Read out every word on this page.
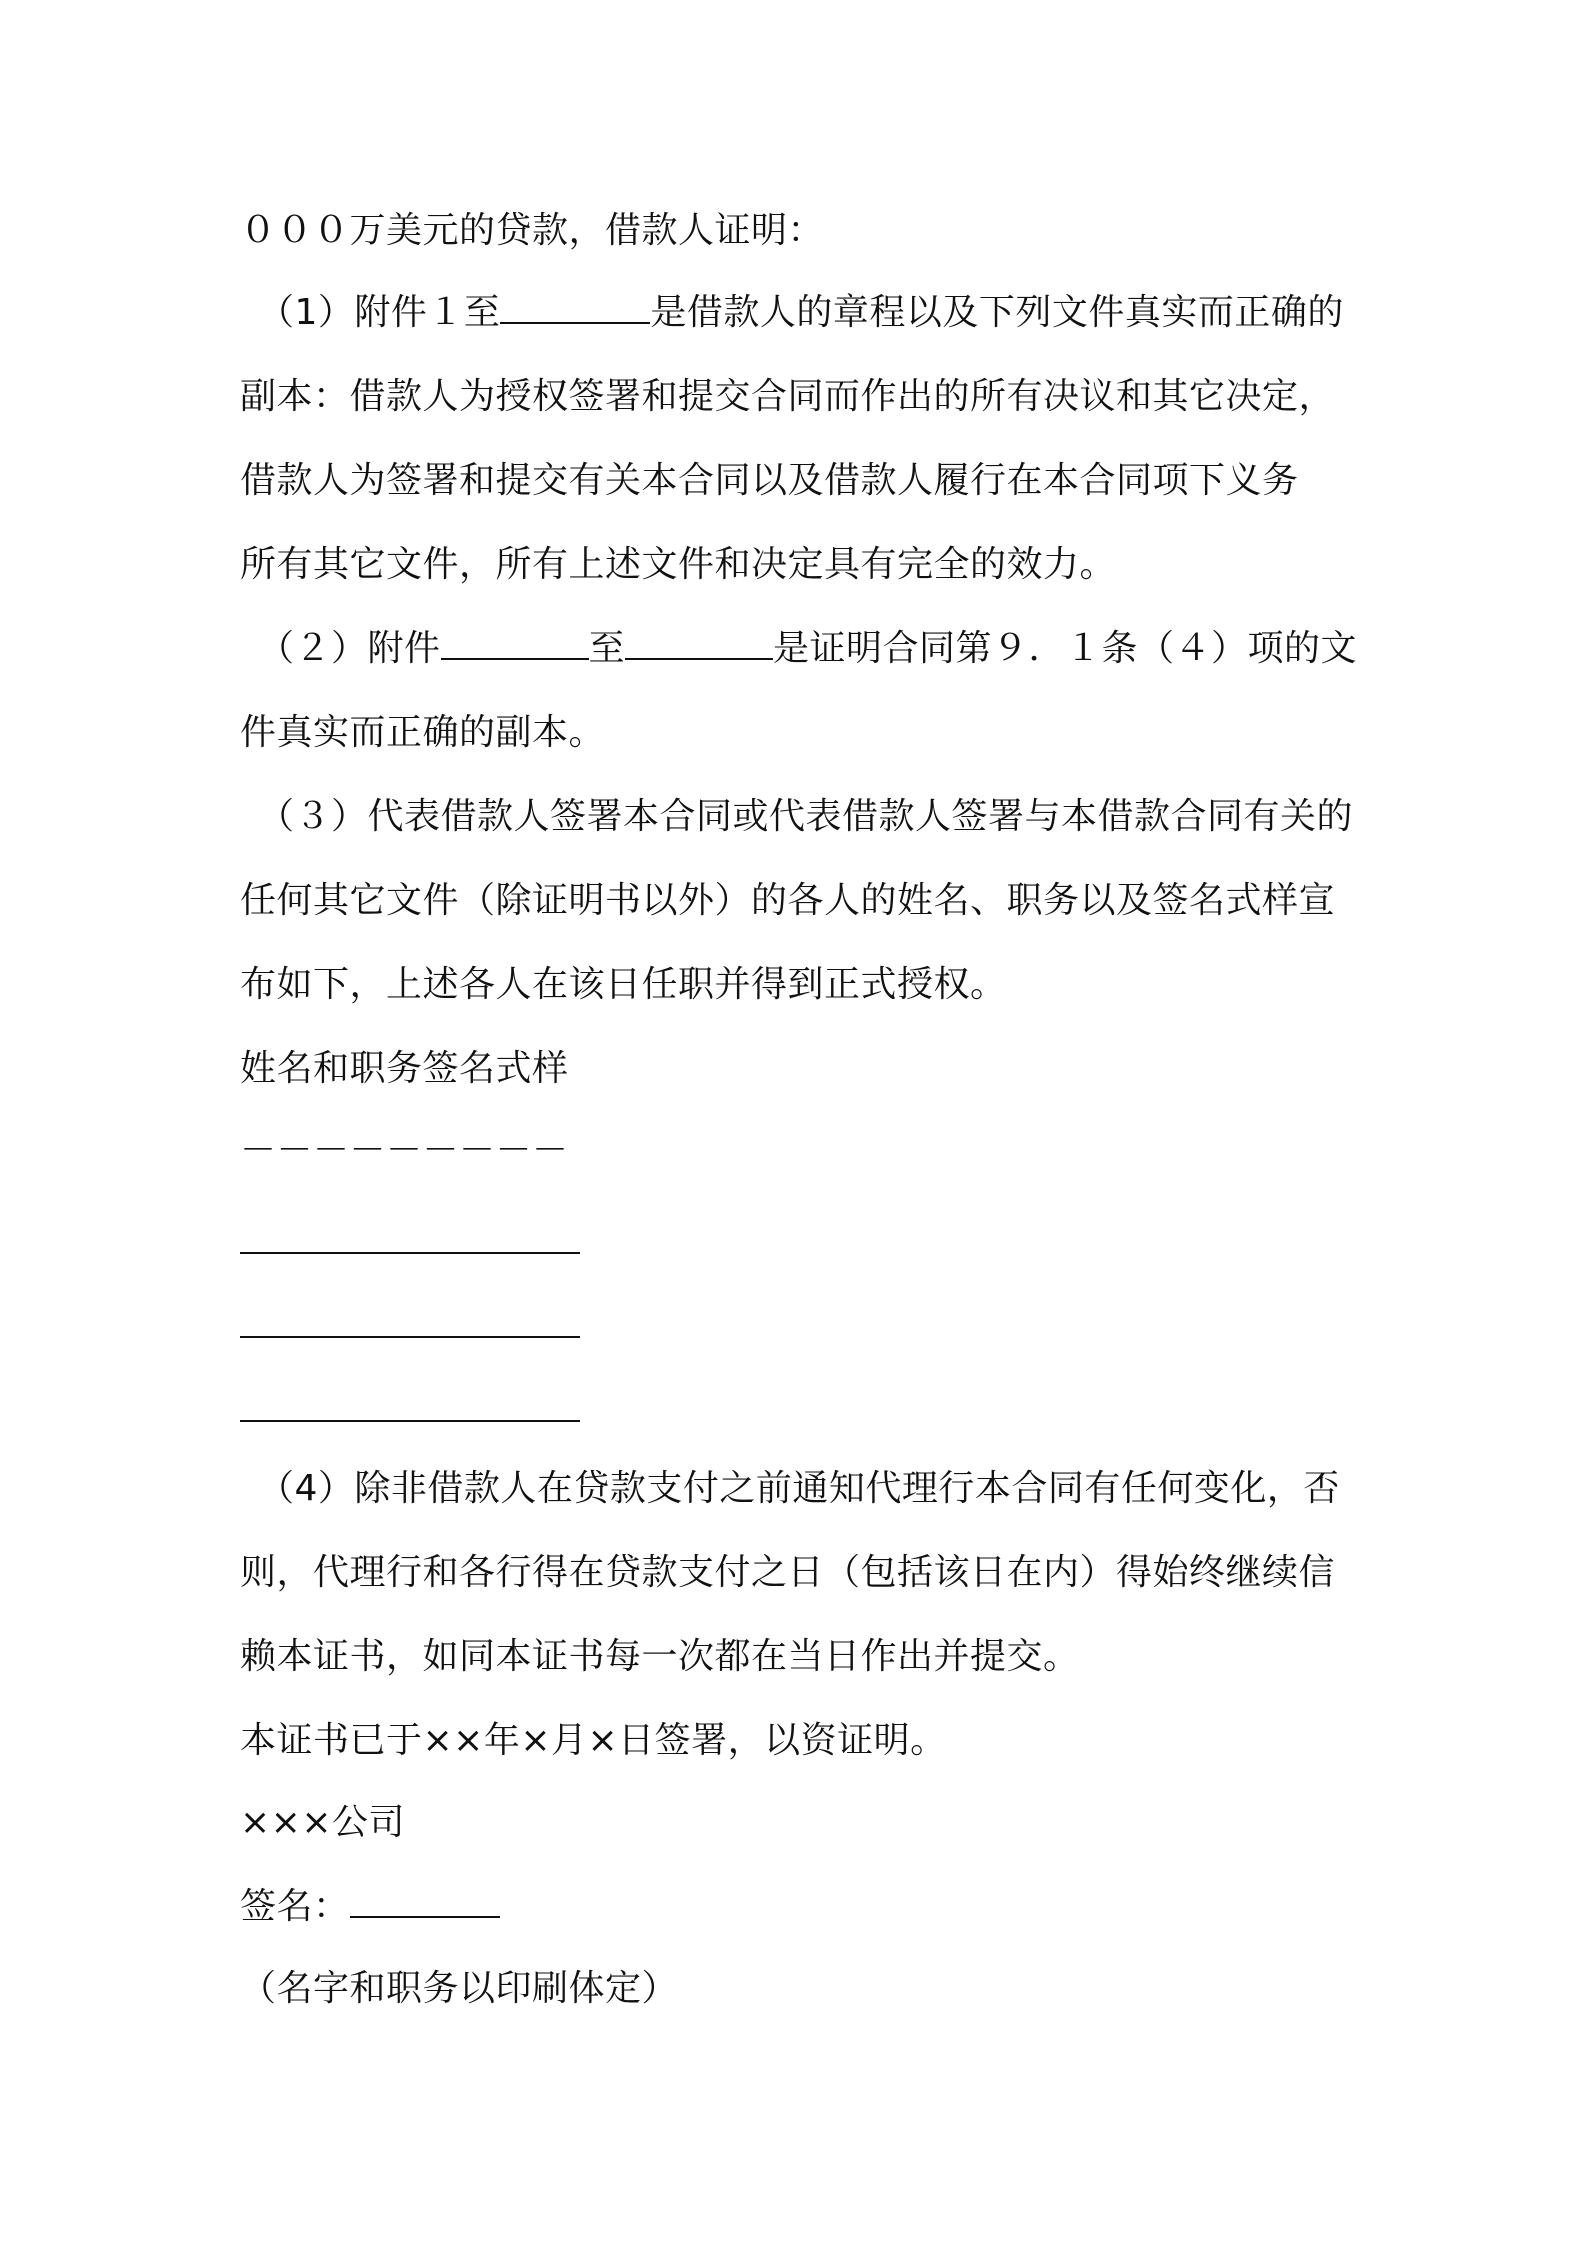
０００万美元的贷款，借款人证明：
（1）附件１至	是借款人的章程以及下列文件真实而正确的
副本：借款人为授权签署和提交合同而作出的所有决议和其它决定，
借款人为签署和提交有关本合同以及借款人履行在本合同项下义务
所有其它文件，所有上述文件和决定具有完全的效力。
（２）附件	至	是证明合同第９．１条（４）项的文
件真实而正确的副本。
（３）代表借款人签署本合同或代表借款人签署与本借款合同有关的
任何其它文件（除证明书以外）的各人的姓名、职务以及签名式样宣
布如下，上述各人在该日任职并得到正式授权。
姓名和职务签名式样
－－－－－－－－－
（4）除非借款人在贷款支付之前通知代理行本合同有任何变化，否
则，代理行和各行得在贷款支付之日（包括该日在内）得始终继续信
赖本证书，如同本证书每一次都在当日作出并提交。
本证书已于××年×月×日签署，以资证明。
×××公司
签名：
（名字和职务以印刷体定）
